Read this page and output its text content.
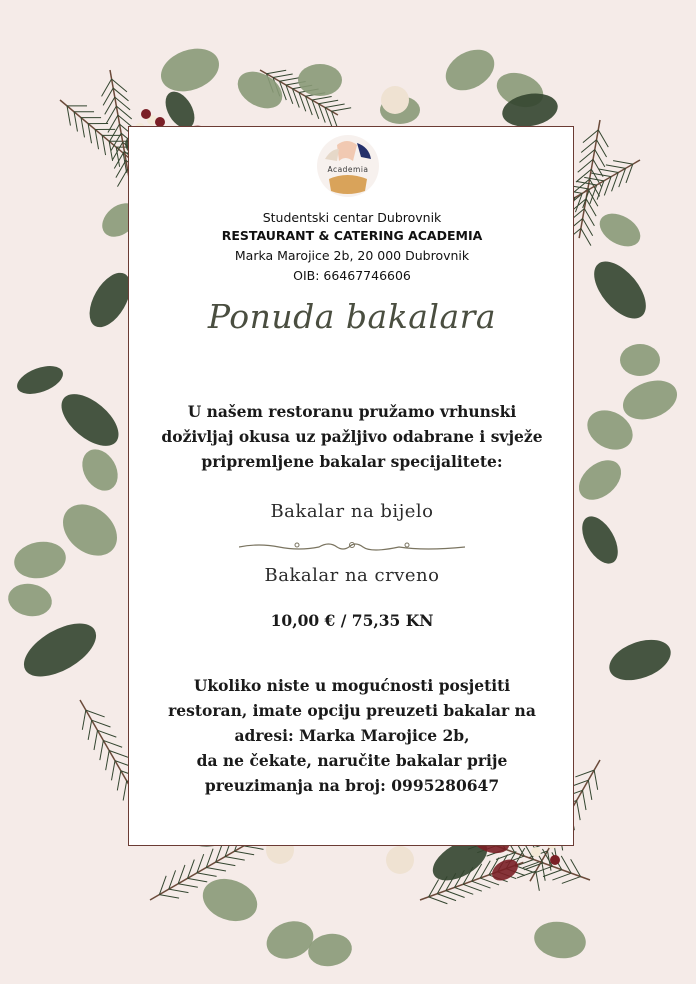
Academia
Studentski centar Dubrovnik
RESTAURANT & CATERING ACADEMIA
Marka Marojice 2b, 20 000 Dubrovnik
OIB: 66467746606
Ponuda bakalara
U našem restoranu pružamo vrhunski doživljaj okusa uz pažljivo odabrane i svježe pripremljene bakalar specijalitete:
Bakalar na bijelo
Bakalar na crveno
10,00 € / 75,35 KN
Ukoliko niste u mogućnosti posjetiti
restoran, imate opciju preuzeti bakalar na
adresi: Marka Marojice 2b,
da ne čekate, naručite bakalar prije
preuzimanja na broj: 0995280647
